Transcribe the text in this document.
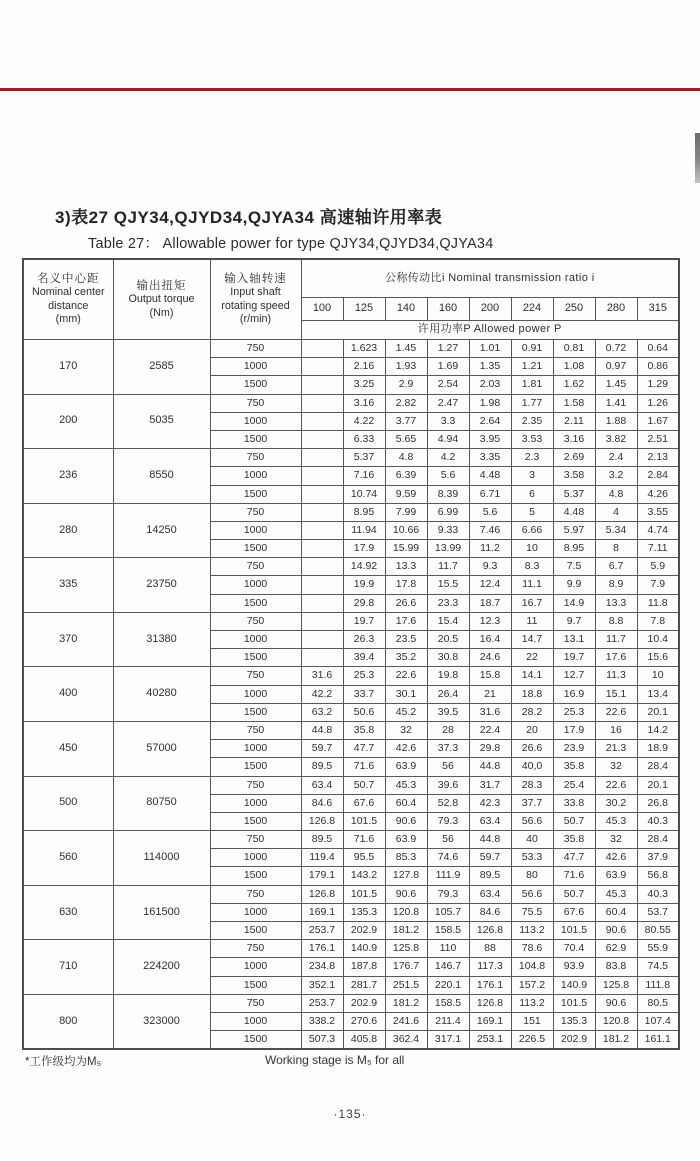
3)表27 QJY34,QJYD34,QJYA34 高速轴许用率表
Table 27： Allowable power for type QJY34,QJYD34,QJYA34
名义中心距
Nominal center
distance
(mm)

输出扭矩
Output torque
(Nm)

输入轴转速
Input shaft
rotating speed
(r/min)
	公称传动比i Nominal transmission ratio i
			100	125	140	160	200	224	250	280	315
			许用功率P Allowed power P								
170	2585	750		1.623	1.45	1.27	1.01	0.91	0.81	0.72	0.64
		1000		2.16	1.93	1.69	1.35	1.21	1.08	0.97	0.86
		1500		3.25	2.9	2.54	2.03	1.81	1.62	1.45	1.29
200	5035	750		3.16	2.82	2.47	1.98	1.77	1.58	1.41	1.26
		1000		4.22	3.77	3.3	2.64	2.35	2.11	1.88	1.67
		1500		6.33	5.65	4.94	3.95	3.53	3.16	3.82	2.51
236	8550	750		5.37	4.8	4.2	3.35	2.3	2.69	2.4	2.13
		1000		7.16	6.39	5.6	4.48	3	3.58	3.2	2.84
		1500		10.74	9.59	8.39	6.71	6	5.37	4.8	4.26
280	14250	750		8.95	7.99	6.99	5.6	5	4.48	4	3.55
		1000		11.94	10.66	9.33	7.46	6.66	5.97	5.34	4.74
		1500		17.9	15.99	13.99	11.2	10	8.95	8	7.11
335	23750	750		14.92	13.3	11.7	9.3	8.3	7.5	6.7	5.9
		1000		19.9	17.8	15.5	12.4	11.1	9.9	8.9	7.9
		1500		29.8	26.6	23.3	18.7	16.7	14.9	13.3	11.8
370	31380	750		19.7	17.6	15.4	12.3	11	9.7	8.8	7.8
		1000		26.3	23.5	20.5	16.4	14.7	13.1	11.7	10.4
		1500		39.4	35.2	30.8	24.6	22	19.7	17.6	15.6
400	40280	750	31.6	25.3	22.6	19.8	15.8	14.1	12.7	11.3	10
		1000	42.2	33.7	30.1	26.4	21	18.8	16.9	15.1	13.4
		1500	63.2	50.6	45.2	39.5	31.6	28.2	25.3	22.6	20.1
450	57000	750	44.8	35.8	32	28	22.4	20	17.9	16	14.2
		1000	59.7	47.7	42.6	37.3	29.8	26.6	23.9	21.3	18.9
		1500	89.5	71.6	63.9	56	44.8	40,0	35.8	32	28.4
500	80750	750	63.4	50.7	45.3	39.6	31.7	28.3	25.4	22.6	20.1
		1000	84.6	67.6	60.4	52.8	42.3	37.7	33.8	30.2	26.8
		1500	126.8	101.5	90.6	79.3	63.4	56.6	50.7	45.3	40.3
560	114000	750	89.5	71.6	63.9	56	44.8	40	35.8	32	28.4
		1000	119.4	95.5	85.3	74.6	59.7	53.3	47.7	42.6	37.9
		1500	179.1	143.2	127.8	111.9	89.5	80	71.6	63.9	56.8
630	161500	750	126.8	101.5	90.6	79.3	63.4	56.6	50.7	45.3	40.3
		1000	169.1	135.3	120.8	105.7	84.6	75.5	67.6	60.4	53.7
		1500	253.7	202.9	181.2	158.5	126.8	113.2	101.5	90.6	80.55
710	224200	750	176.1	140.9	125.8	110	88	78.6	70.4	62.9	55.9
		1000	234.8	187.8	176.7	146.7	117.3	104.8	93.9	83.8	74.5
		1500	352.1	281.7	251.5	220.1	176.1	157.2	140.9	125.8	111.8
800	323000	750	253.7	202.9	181.2	158.5	126.8	113.2	101.5	90.6	80.5
		1000	338.2	270.6	241.6	211.4	169.1	151	135.3	120.8	107.4
		1500	507.3	405.8	362.4	317.1	253.1	226.5	202.9	181.2	161.1
*工作级均为M₅	Working stage is M₅ for all
·135·
